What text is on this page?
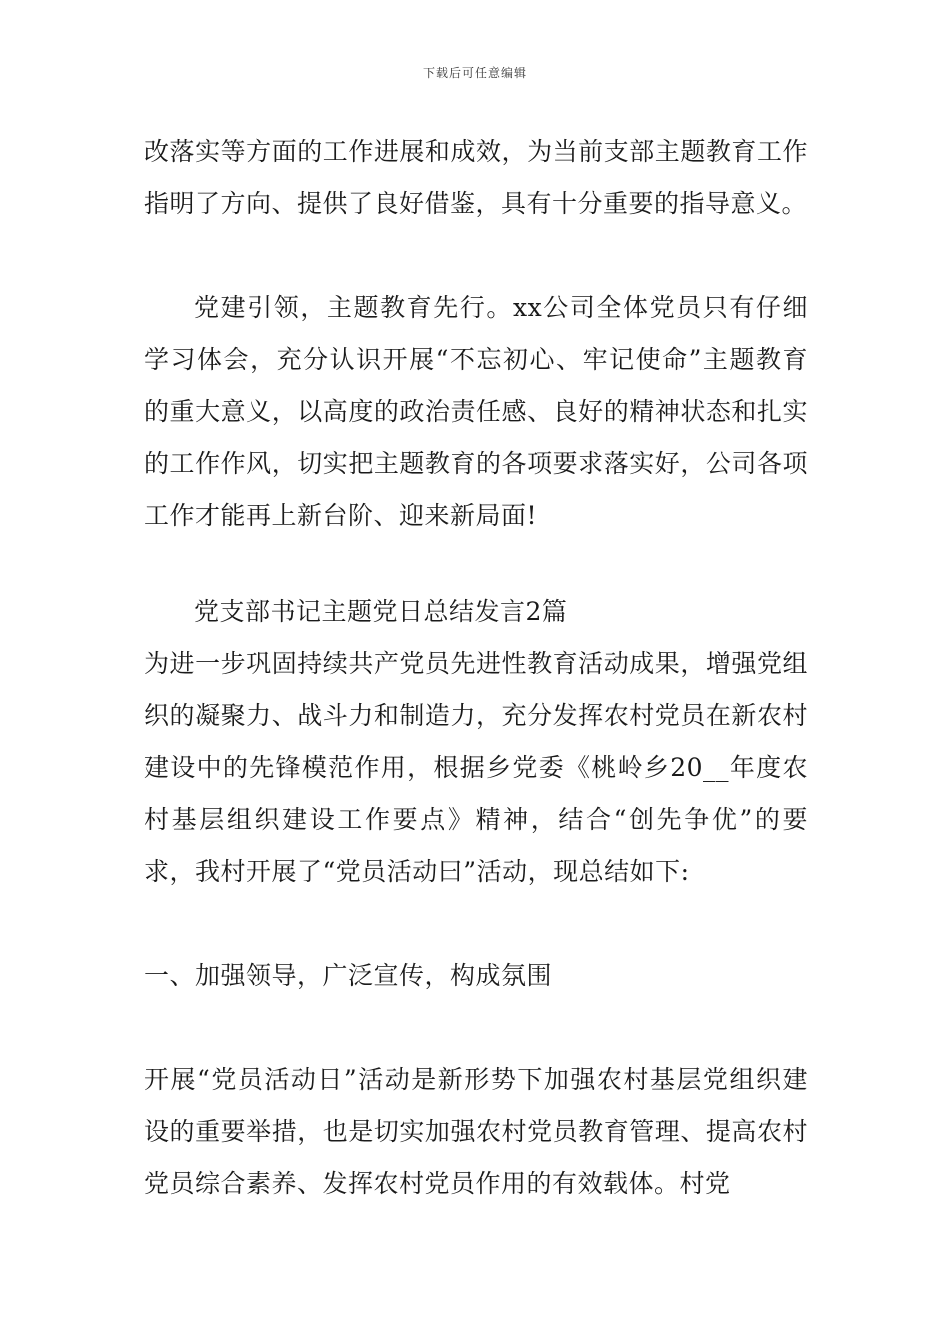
下载后可任意编辑

改落实等方面的工作进展和成效，为当前支部主题教育工作指明了方向、提供了良好借鉴，具有十分重要的指导意义。

党建引领，主题教育先行。xx公司全体党员只有仔细学习体会，充分认识开展“不忘初心、牢记使命”主题教育的重大意义，以高度的政治责任感、良好的精神状态和扎实的工作作风，切实把主题教育的各项要求落实好，公司各项工作才能再上新台阶、迎来新局面!

党支部书记主题党日总结发言2篇

为进一步巩固持续共产党员先进性教育活动成果，增强党组织的凝聚力、战斗力和制造力，充分发挥农村党员在新农村建设中的先锋模范作用，根据乡党委《桃岭乡20__年度农村基层组织建设工作要点》精神，结合“创先争优”的要求，我村开展了“党员活动曰”活动，现总结如下:

一、加强领导，广泛宣传，构成氛围

开展“党员活动日”活动是新形势下加强农村基层党组织建设的重要举措，也是切实加强农村党员教育管理、提高农村党员综合素养、发挥农村党员作用的有效载体。村党
